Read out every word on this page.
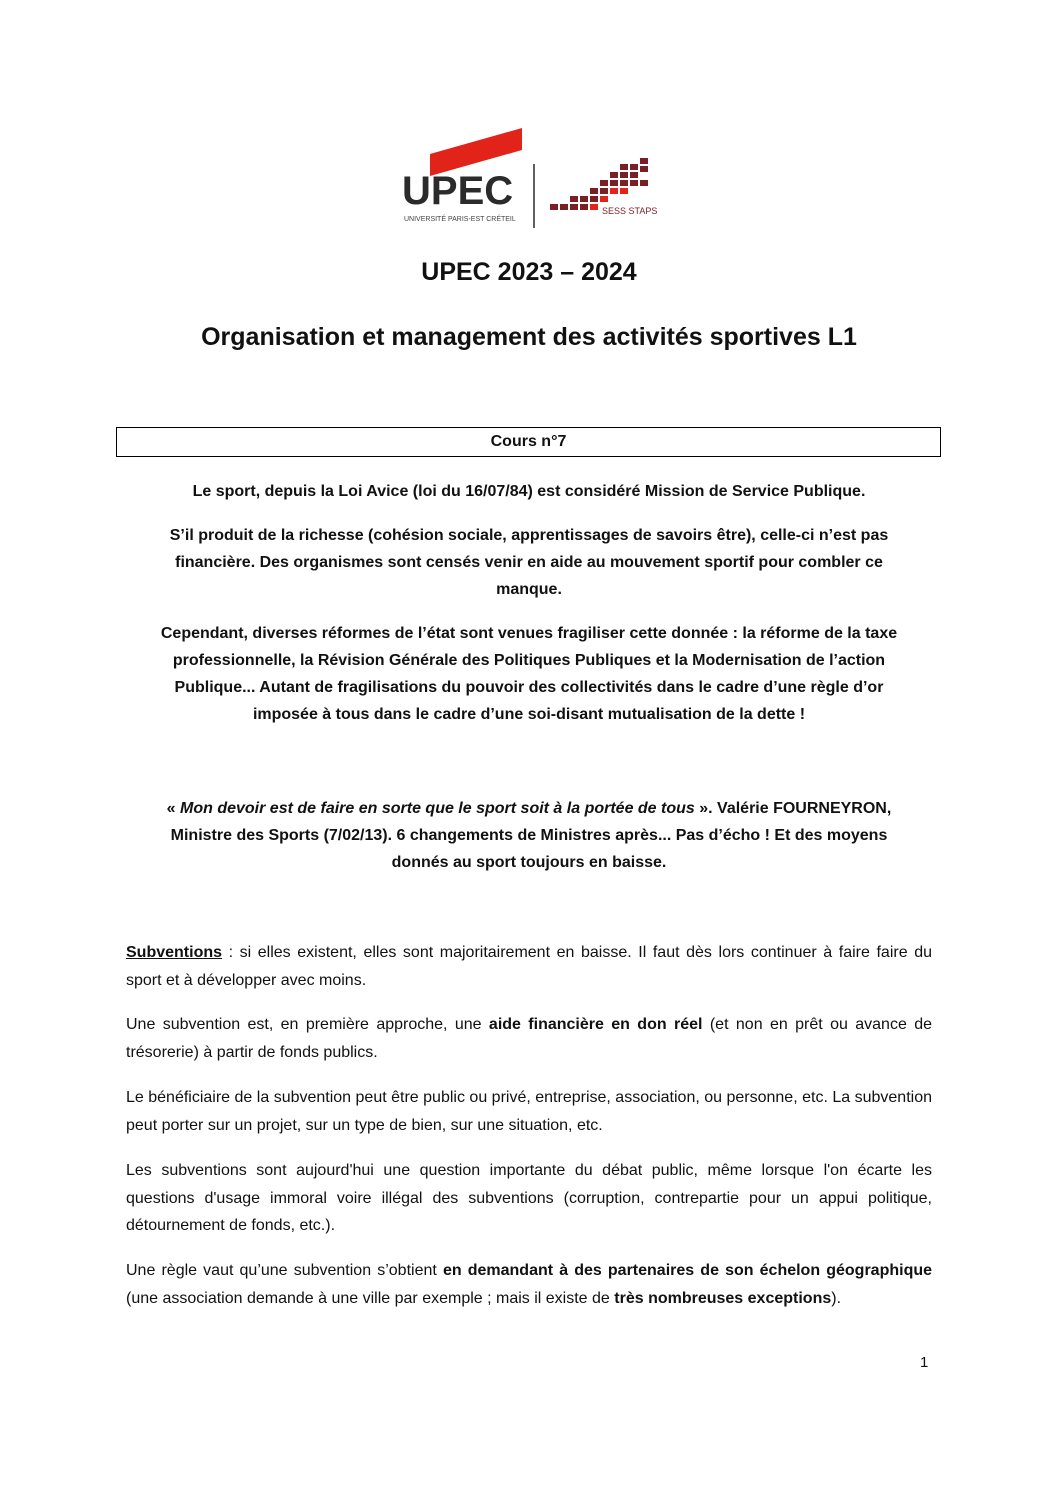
UPEC
UNIVERSITÉ PARIS-EST CRÉTEIL
SESS STAPS
UPEC 2023 – 2024
Organisation et management des activités sportives L1
Cours n°7
Le sport, depuis la Loi Avice (loi du 16/07/84) est considéré Mission de Service Publique.
S’il produit de la richesse (cohésion sociale, apprentissages de savoirs être), celle-ci n’est pas
financière. Des organismes sont censés venir en aide au mouvement sportif pour combler ce
manque.
Cependant, diverses réformes de l’état sont venues fragiliser cette donnée : la réforme de la taxe
professionnelle, la Révision Générale des Politiques Publiques et la Modernisation de l’action
Publique... Autant de fragilisations du pouvoir des collectivités dans le cadre d’une règle d’or
imposée à tous dans le cadre d’une soi-disant mutualisation de la dette !
« Mon devoir est de faire en sorte que le sport soit à la portée de tous ». Valérie FOURNEYRON,
Ministre des Sports (7/02/13). 6 changements de Ministres après... Pas d’écho ! Et des moyens
donnés au sport toujours en baisse.
Subventions : si elles existent, elles sont majoritairement en baisse. Il faut dès lors continuer à faire faire du sport et à développer avec moins.
Une subvention est, en première approche, une aide financière en don réel (et non en prêt ou avance de trésorerie) à partir de fonds publics.
Le bénéficiaire de la subvention peut être public ou privé, entreprise, association, ou personne, etc. La subvention peut porter sur un projet, sur un type de bien, sur une situation, etc.
Les subventions sont aujourd'hui une question importante du débat public, même lorsque l'on écarte les questions d'usage immoral voire illégal des subventions (corruption, contrepartie pour un appui politique, détournement de fonds, etc.).
Une règle vaut qu’une subvention s’obtient en demandant à des partenaires de son échelon géographique (une association demande à une ville par exemple ; mais il existe de très nombreuses exceptions).
1
